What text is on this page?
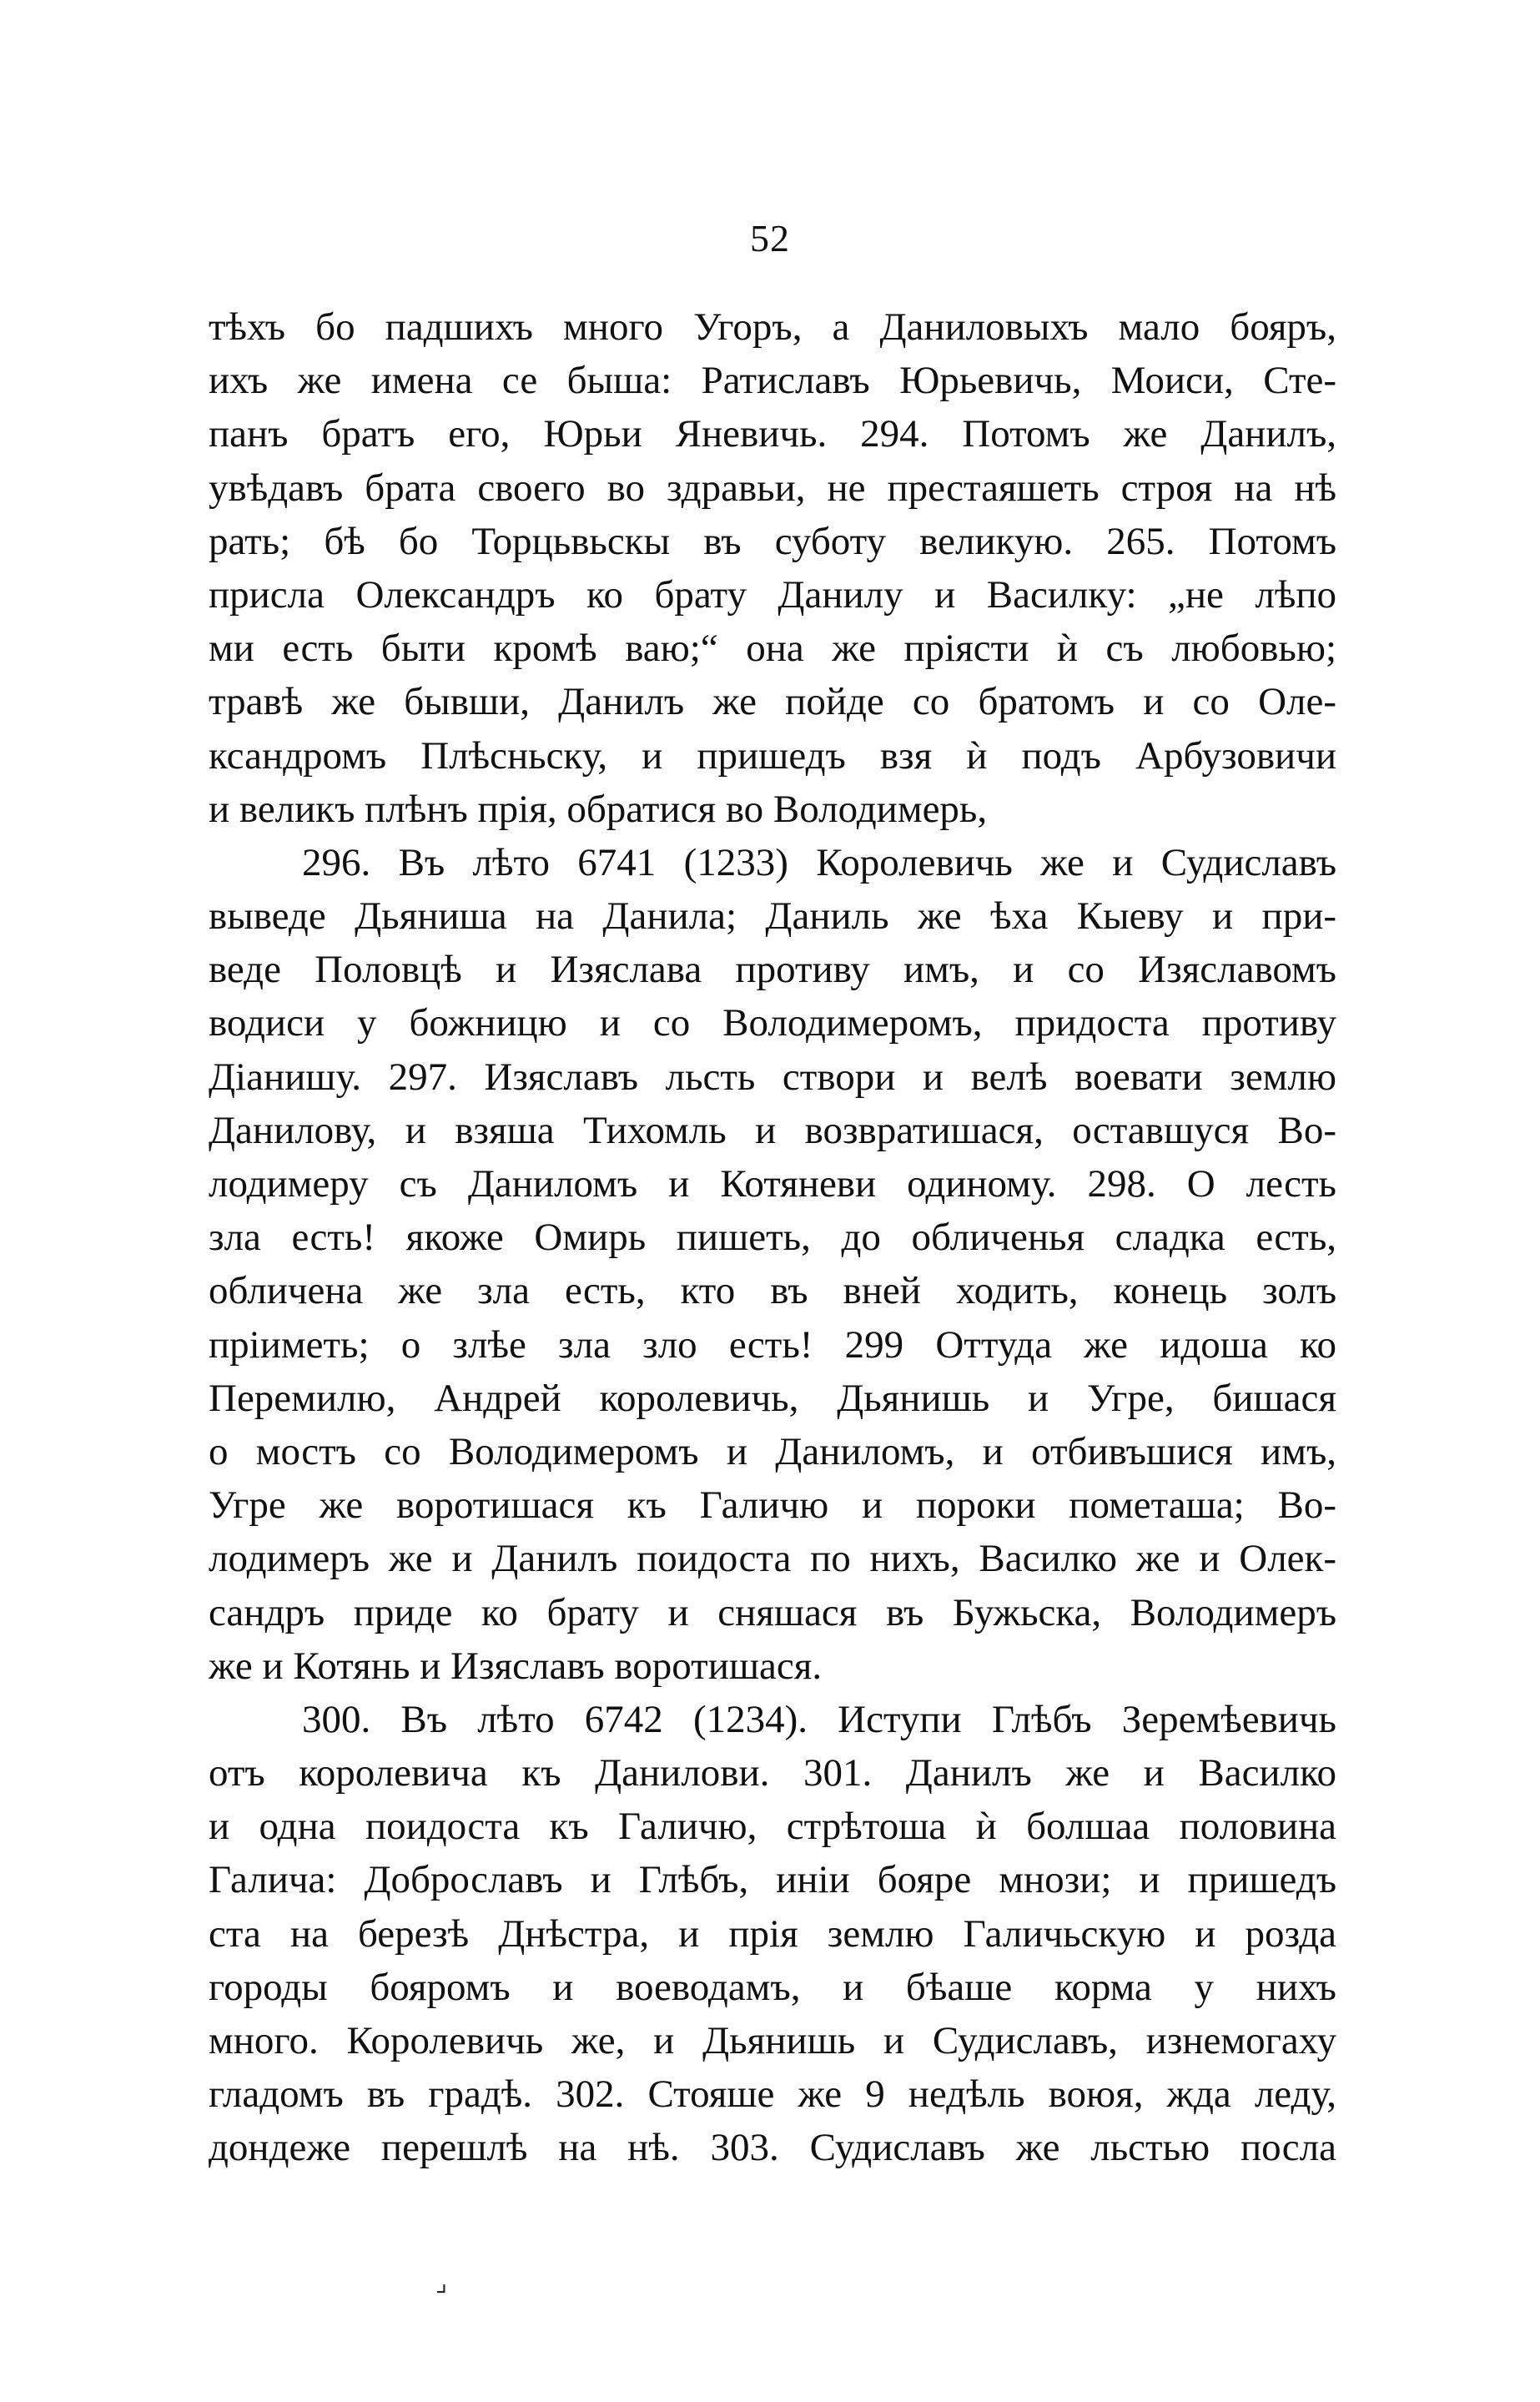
52
тѣхъ бо падшихъ много Угоръ, а Даниловыхъ мало бояръ,
ихъ же имена се быша: Ратиславъ Юрьевичь, Моиси, Сте-
панъ братъ его, Юрьи Яневичь. 294. Потомъ же Данилъ,
увѣдавъ брата своего во здравьи, не престаяшеть строя на нѣ
рать; бѣ бо Торцьвьскы въ суботу великую. 265. Потомъ
присла Олександръ ко брату Данилу и Василку: „не лѣпо
ми есть быти кромѣ ваю;“ она же пріясти ѝ съ любовью;
травѣ же бывши, Данилъ же пойде со братомъ и со Оле-
ксандромъ Плѣсньску, и пришедъ взя ѝ подъ Арбузовичи
и великъ плѣнъ прія, обратися во Володимерь,
296. Въ лѣто 6741 (1233) Королевичь же и Судиславъ
выведе Дьяниша на Данила; Даниль же ѣха Кыеву и при-
веде Половцѣ и Изяслава противу имъ, и со Изяславомъ
водиси у божницю и со Володимеромъ, придоста противу
Діанишу. 297. Изяславъ льсть створи и велѣ воевати землю
Данилову, и взяша Тихомль и возвратишася, оставшуся Во-
лодимеру съ Даниломъ и Котяневи одиному. 298. О лесть
зла есть! якоже Омирь пишеть, до обличенья сладка есть,
обличена же зла есть, кто въ вней ходить, конець золъ
пріиметь; о злѣе зла зло есть! 299 Оттуда же идоша ко
Перемилю, Андрей королевичь, Дьянишь и Угре, бишася
о мостъ со Володимеромъ и Даниломъ, и отбивъшися имъ,
Угре же воротишася къ Галичю и пороки пометаша; Во-
лодимеръ же и Данилъ поидоста по нихъ, Василко же и Олек-
сандръ приде ко брату и сняшася въ Бужьска, Володимеръ
же и Котянь и Изяславъ воротишася.
300. Въ лѣто 6742 (1234). Иступи Глѣбъ Зеремѣевичь
отъ королевича къ Данилови. 301. Данилъ же и Василко
и одна поидоста къ Галичю, стрѣтоша ѝ болшаа половина
Галича: Доброславъ и Глѣбъ, иніи бояре мнози; и пришедъ
ста на березѣ Днѣстра, и прія землю Галичьскую и розда
городы бояромъ и воеводамъ, и бѣаше корма у нихъ
много. Королевичь же, и Дьянишь и Судиславъ, изнемогаху
гладомъ въ градѣ. 302. Стояше же 9 недѣль воюя, жда леду,
дондеже перешлѣ на нѣ. 303. Судиславъ же льстью посла
⌟
